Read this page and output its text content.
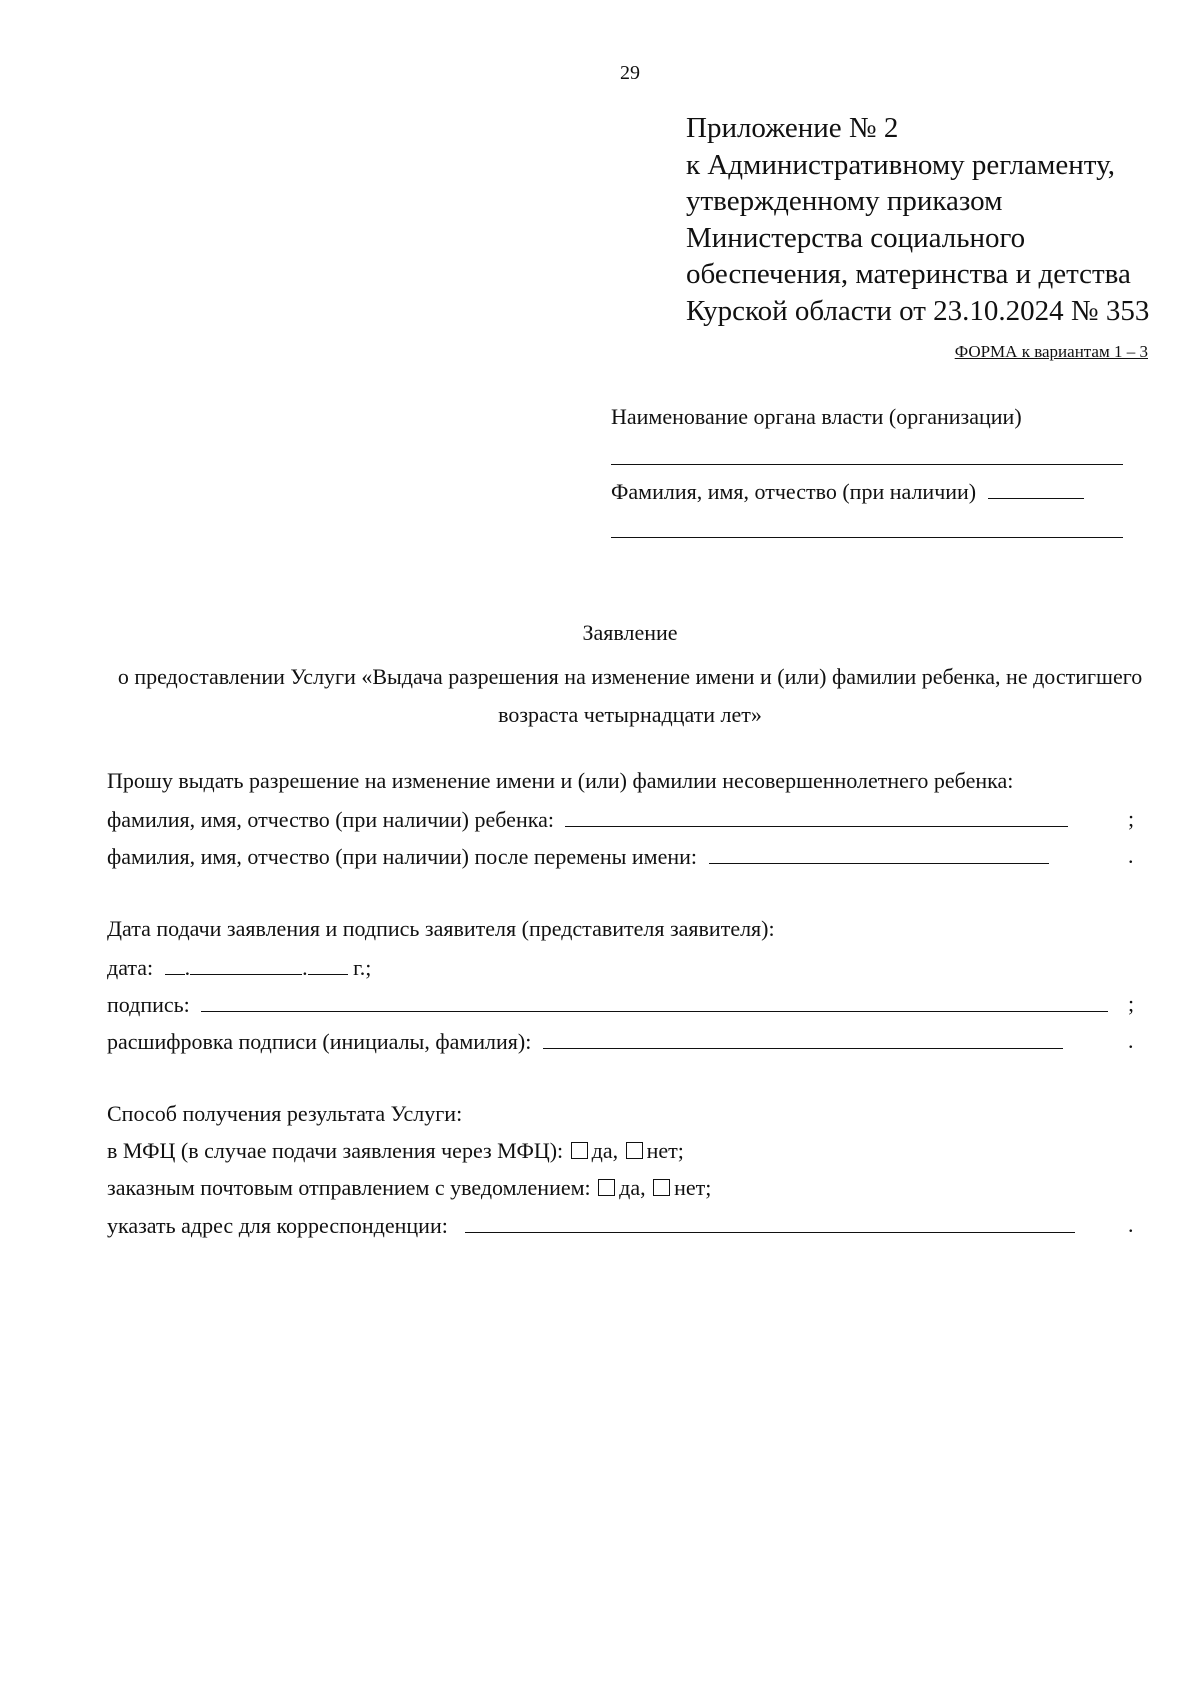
29
Приложение № 2
к Административному регламенту,
утвержденному приказом
Министерства социального
обеспечения, материнства и детства
Курской области от 23.10.2024 № 353
ФОРМА к вариантам 1 – 3
Наименование органа власти (организации)
Фамилия, имя, отчество (при наличии)
Заявление
о предоставлении Услуги «Выдача разрешения на изменение имени и (или) фамилии ребенка, не достигшего возраста четырнадцати лет»
Прошу выдать разрешение на изменение имени и (или) фамилии несовершеннолетнего ребенка:
фамилия, имя, отчество (при наличии) ребенка:	;
фамилия, имя, отчество (при наличии) после перемены имени:	.
Дата подачи заявления и подпись заявителя (представителя заявителя):
дата: .	. г.;
подпись:	;
расшифровка подписи (инициалы, фамилия):	.
Способ получения результата Услуги:
в МФЦ (в случае подачи заявления через МФЦ): да, нет;
заказным почтовым отправлением с уведомлением: да, нет;
указать адрес для корреспонденции:	.
